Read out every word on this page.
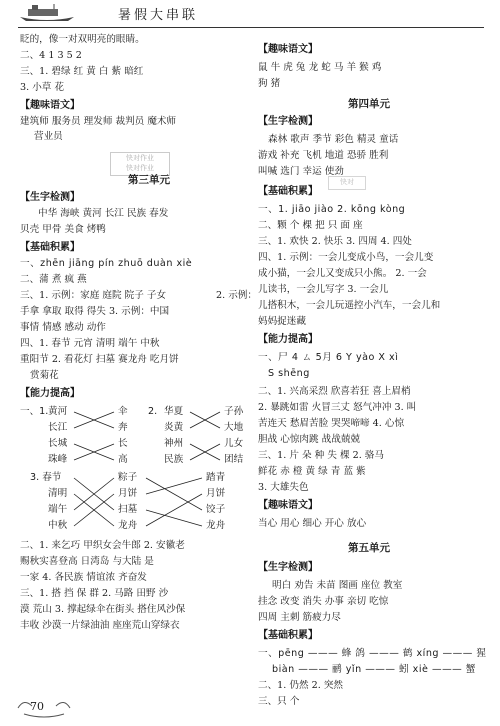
暑假大串联
眨的，像一对双明亮的眼睛。
二、4 1 3 5 2
三、1. 碧绿 红 黄 白 紫 暗红
3. 小草 花
【趣味语文】
建筑师 服务员 理发师 裁判员 魔术师
营业员
快对作业
快对作业
第三单元
【生字检测】
中华 海峡 黄河 长江 民族 春发
贝壳 甲骨 美食 烤鸭
【基础积累】
一、zhēn jiāng pín zhuō duàn xiè
二、蒲 煮 疯 燕
三、1. 示例：家庭 庭院 院子 子女	2. 示例：
手拿 拿取 取得 得失 3. 示例：中国
事情 情感 感动 动作
四、1. 春节 元宵 清明 端午 中秋
重阳节 2. 看花灯 扫墓 赛龙舟 吃月饼
赏菊花
【能力提高】
一、1. 黄河
长江
长城
珠峰
伞
奔
长
高
2. 华夏
炎黄
神州
民族
子孙
大地
儿女
团结
3. 春节
清明
端午
中秋
粽子
月饼
扫墓
龙舟
踏青
月饼
饺子
龙舟
二、1. 来乞巧 甲织女会牛郎 2. 安徽老
赐秋实喜登高 日湾岛 与大陆 是
一家 4. 各民族 情谊浓 齐奋发
三、1. 搭 挡 保 群 2. 马路 田野 沙
漠 荒山 3. 撑起绿伞在街头 搭住风沙保
丰收 沙漠一片绿油油 座座荒山穿绿衣
【趣味语文】
鼠 牛 虎 兔 龙 蛇 马 羊 猴 鸡
狗 猪
第四单元
【生字检测】
森林 歌声 季节 彩色 精灵 童话
游戏 补充 飞机 地道 恐骄 胜利
叫喊 选门 幸运 使劲
快对
【基础积累】
一、1. jiāo jiào 2. kōng kòng
二、颗 个 棵 把 只 面 座
三、1. 欢快 2. 快乐 3. 四周 4. 四处
四、1. 示例：一会儿变成小鸟，一会儿变
成小猫，一会儿又变成只小熊。 2. 一会
儿读书，一会儿写字 3. 一会儿
儿搭积木，一会儿玩遥控小汽车，一会儿和
妈妈捉迷藏
【能力提高】
一、尸 4 ㄙ 5月 6 Y yào X xì
S shēng
二、1. 兴高采烈 欣喜若狂 喜上眉梢
2. 暴跳如雷 火冒三丈 怒气冲冲 3. 叫
苦连天 愁眉苦脸 哭哭啼啼 4. 心惊
胆战 心惊肉跳 战战兢兢
三、1. 片 朵 种 失 棵 2. 骆马
鲜花 赤 橙 黄 绿 青 蓝 紫
3. 大雄失色
【趣味语文】
当心 用心 细心 开心 放心
第五单元
【生字检测】
明白 劝告 未苗 图画 座位 教室
挂念 改变 消失 办事 亲切 吃惊
四周 主刺 筋疲力尽
【基础积累】
一、pēng ——— 蜂 鸽 ——— 鹤 xíng ——— 猩
biàn ——— 鹂 yǐn ——— 蚓 xiè ——— 蟹
二、1. 仍然 2. 突然
三、只 个
70
